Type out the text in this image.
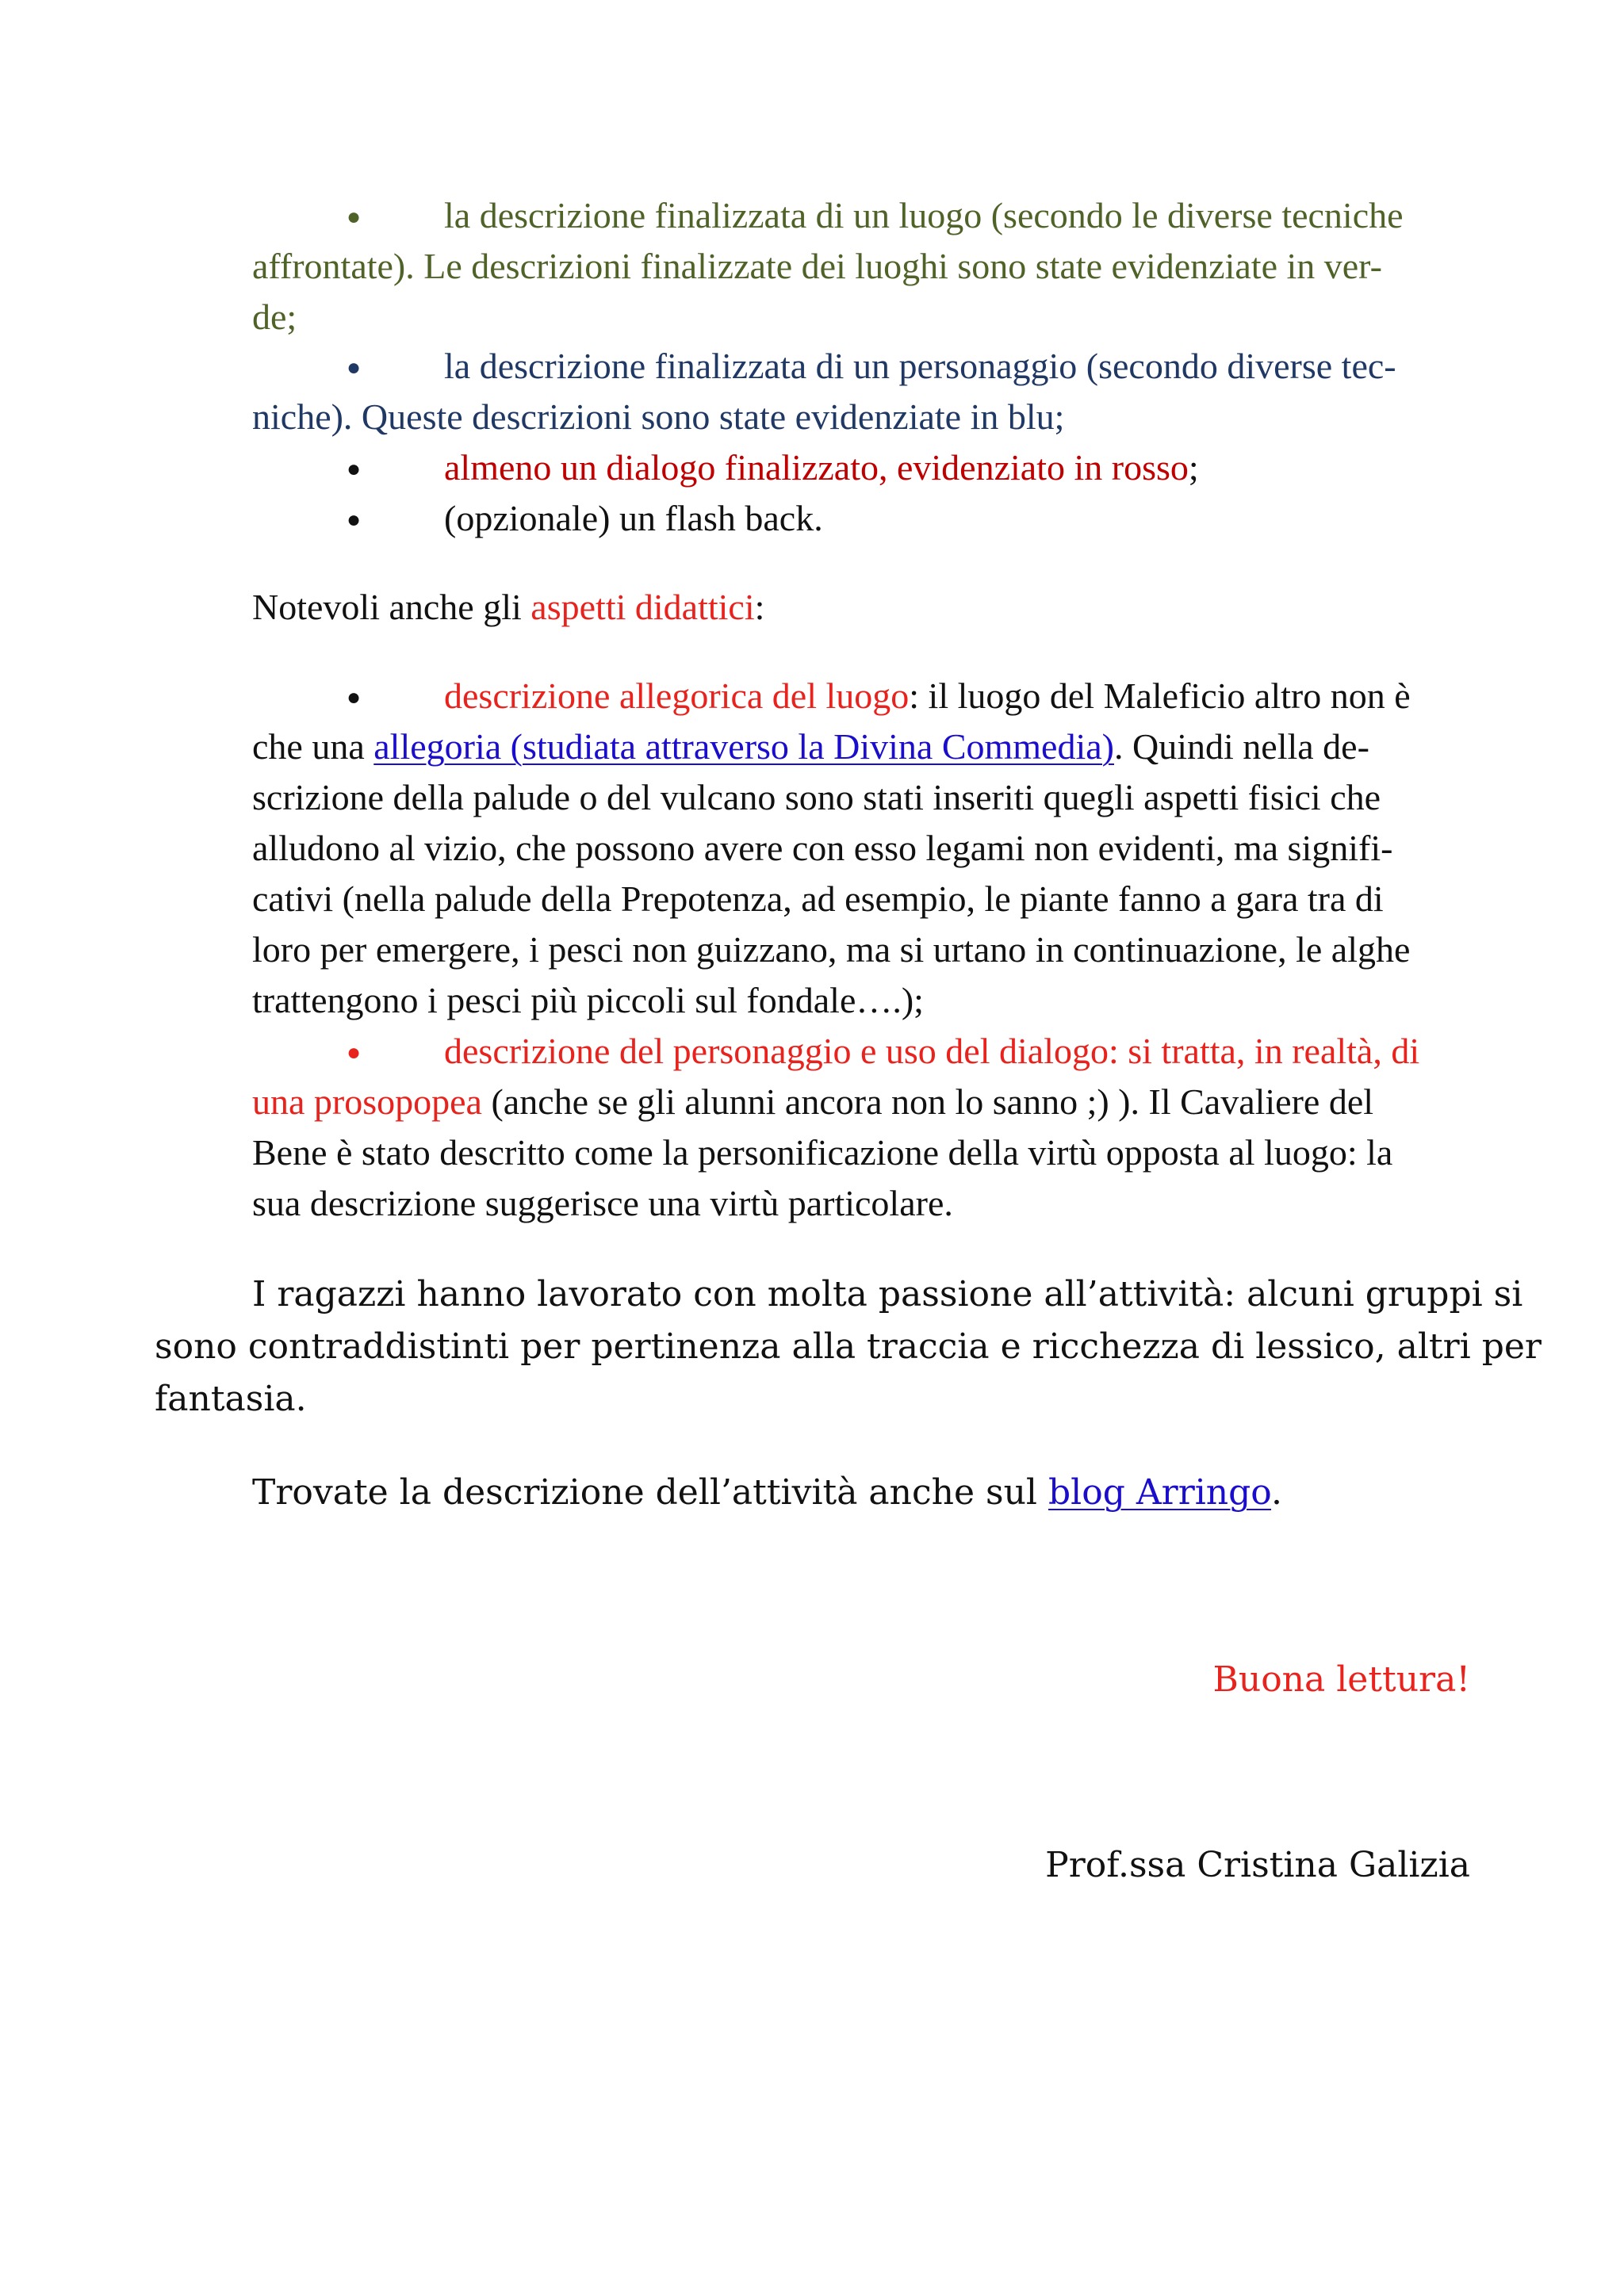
● la descrizione finalizzata di un luogo (secondo le diverse tecniche
affrontate). Le descrizioni finalizzate dei luoghi sono state evidenziate in ver-
de;
● la descrizione finalizzata di un personaggio (secondo diverse tec-
niche). Queste descrizioni sono state evidenziate in blu;
● almeno un dialogo finalizzato, evidenziato in rosso;
● (opzionale) un flash back.
Notevoli anche gli aspetti didattici:
● descrizione allegorica del luogo: il luogo del Maleficio altro non è
che una allegoria (studiata attraverso la Divina Commedia). Quindi nella de-
scrizione della palude o del vulcano sono stati inseriti quegli aspetti fisici che
alludono al vizio, che possono avere con esso legami non evidenti, ma signifi-
cativi (nella palude della Prepotenza, ad esempio, le piante fanno a gara tra di
loro per emergere, i pesci non guizzano, ma si urtano in continuazione, le alghe
trattengono i pesci più piccoli sul fondale….);
● descrizione del personaggio e uso del dialogo: si tratta, in realtà, di
una prosopopea (anche se gli alunni ancora non lo sanno ;) ). Il Cavaliere del
Bene è stato descritto come la personificazione della virtù opposta al luogo: la
sua descrizione suggerisce una virtù particolare.
I ragazzi hanno lavorato con molta passione all’attività: alcuni gruppi si
sono contraddistinti per pertinenza alla traccia e ricchezza di lessico, altri per
fantasia.
Trovate la descrizione dell’attività anche sul blog Arringo.
Buona lettura!
Prof.ssa Cristina Galizia
